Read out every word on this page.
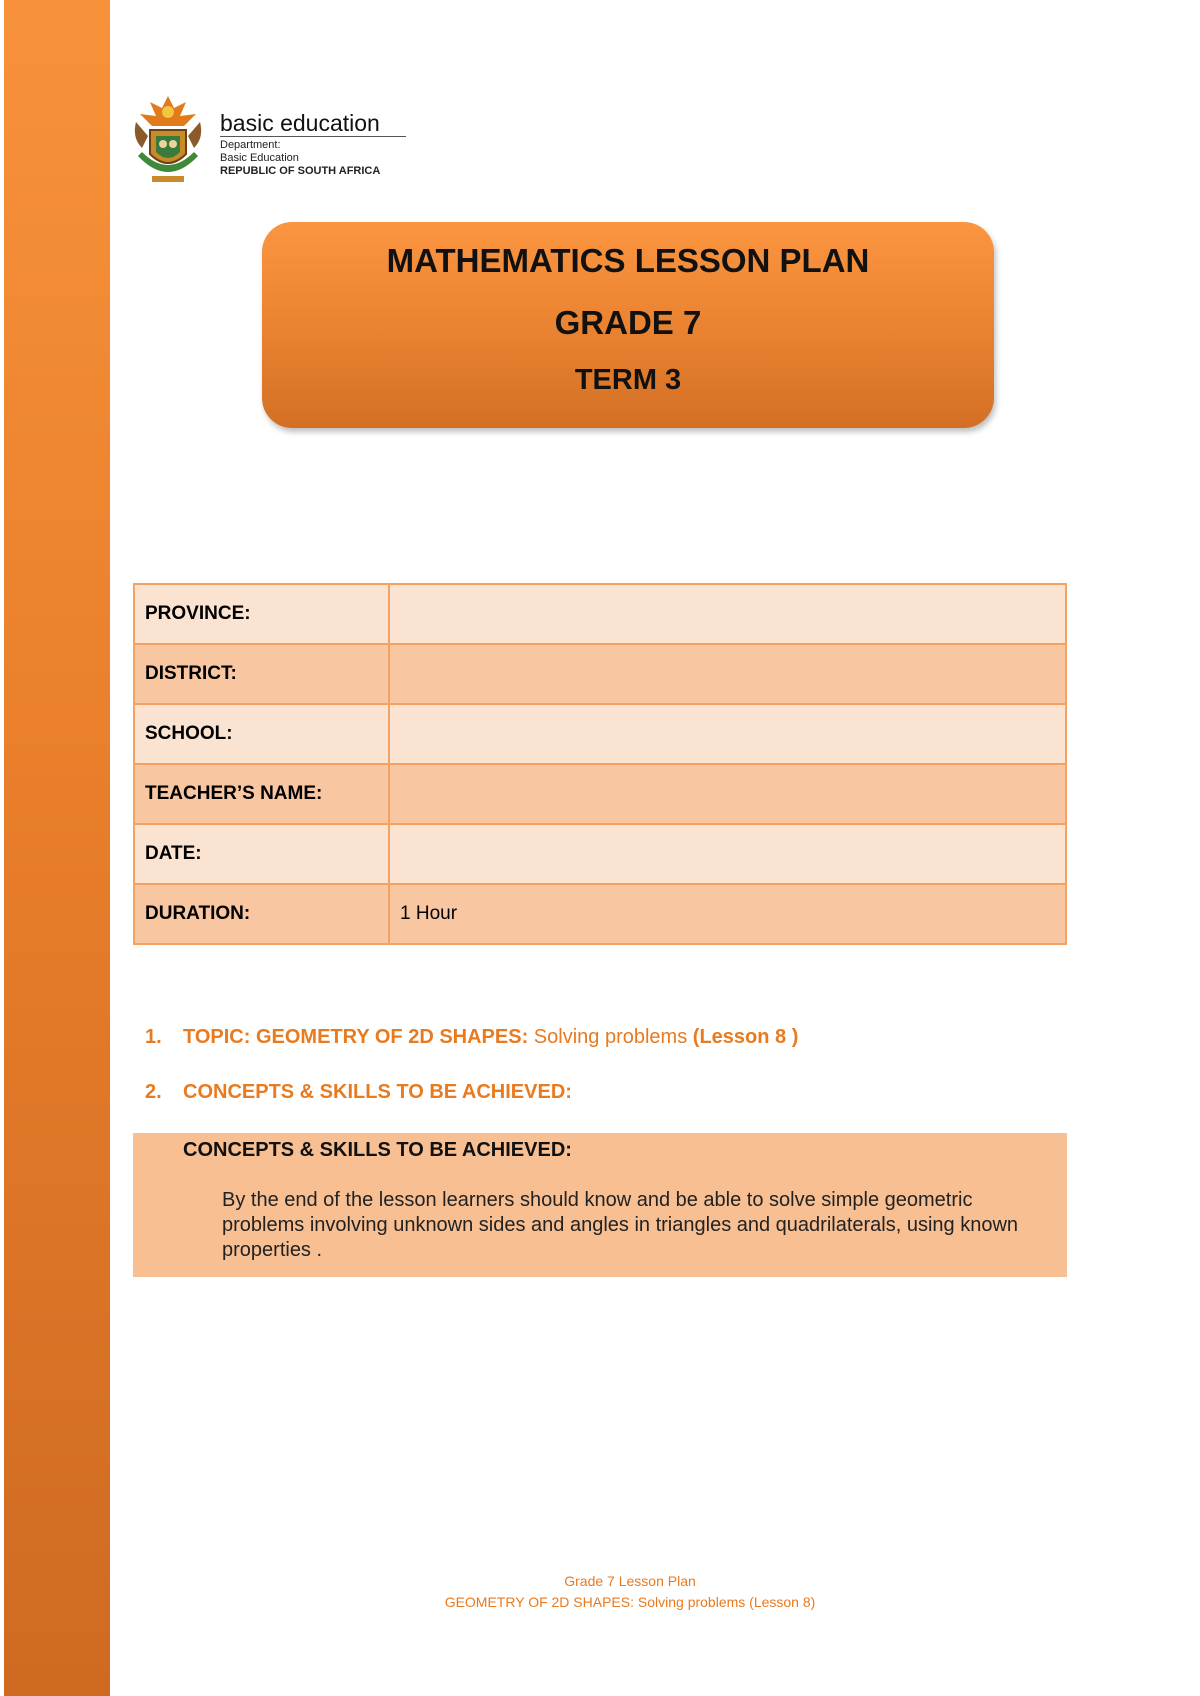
basic education
Department:
Basic Education
REPUBLIC OF SOUTH AFRICA
MATHEMATICS LESSON PLAN
GRADE 7
TERM 3
PROVINCE:	
DISTRICT:	
SCHOOL:	
TEACHER’S NAME:	
DATE:	
DURATION:	1 Hour
1. TOPIC: GEOMETRY OF 2D SHAPES: Solving problems (Lesson 8 )
2. CONCEPTS & SKILLS TO BE ACHIEVED:
CONCEPTS & SKILLS TO BE ACHIEVED:
By the end of the lesson learners should know and be able to solve simple geometric problems involving unknown sides and angles in triangles and quadrilaterals, using known properties .
Grade 7 Lesson Plan
GEOMETRY OF 2D SHAPES: Solving problems (Lesson 8)
